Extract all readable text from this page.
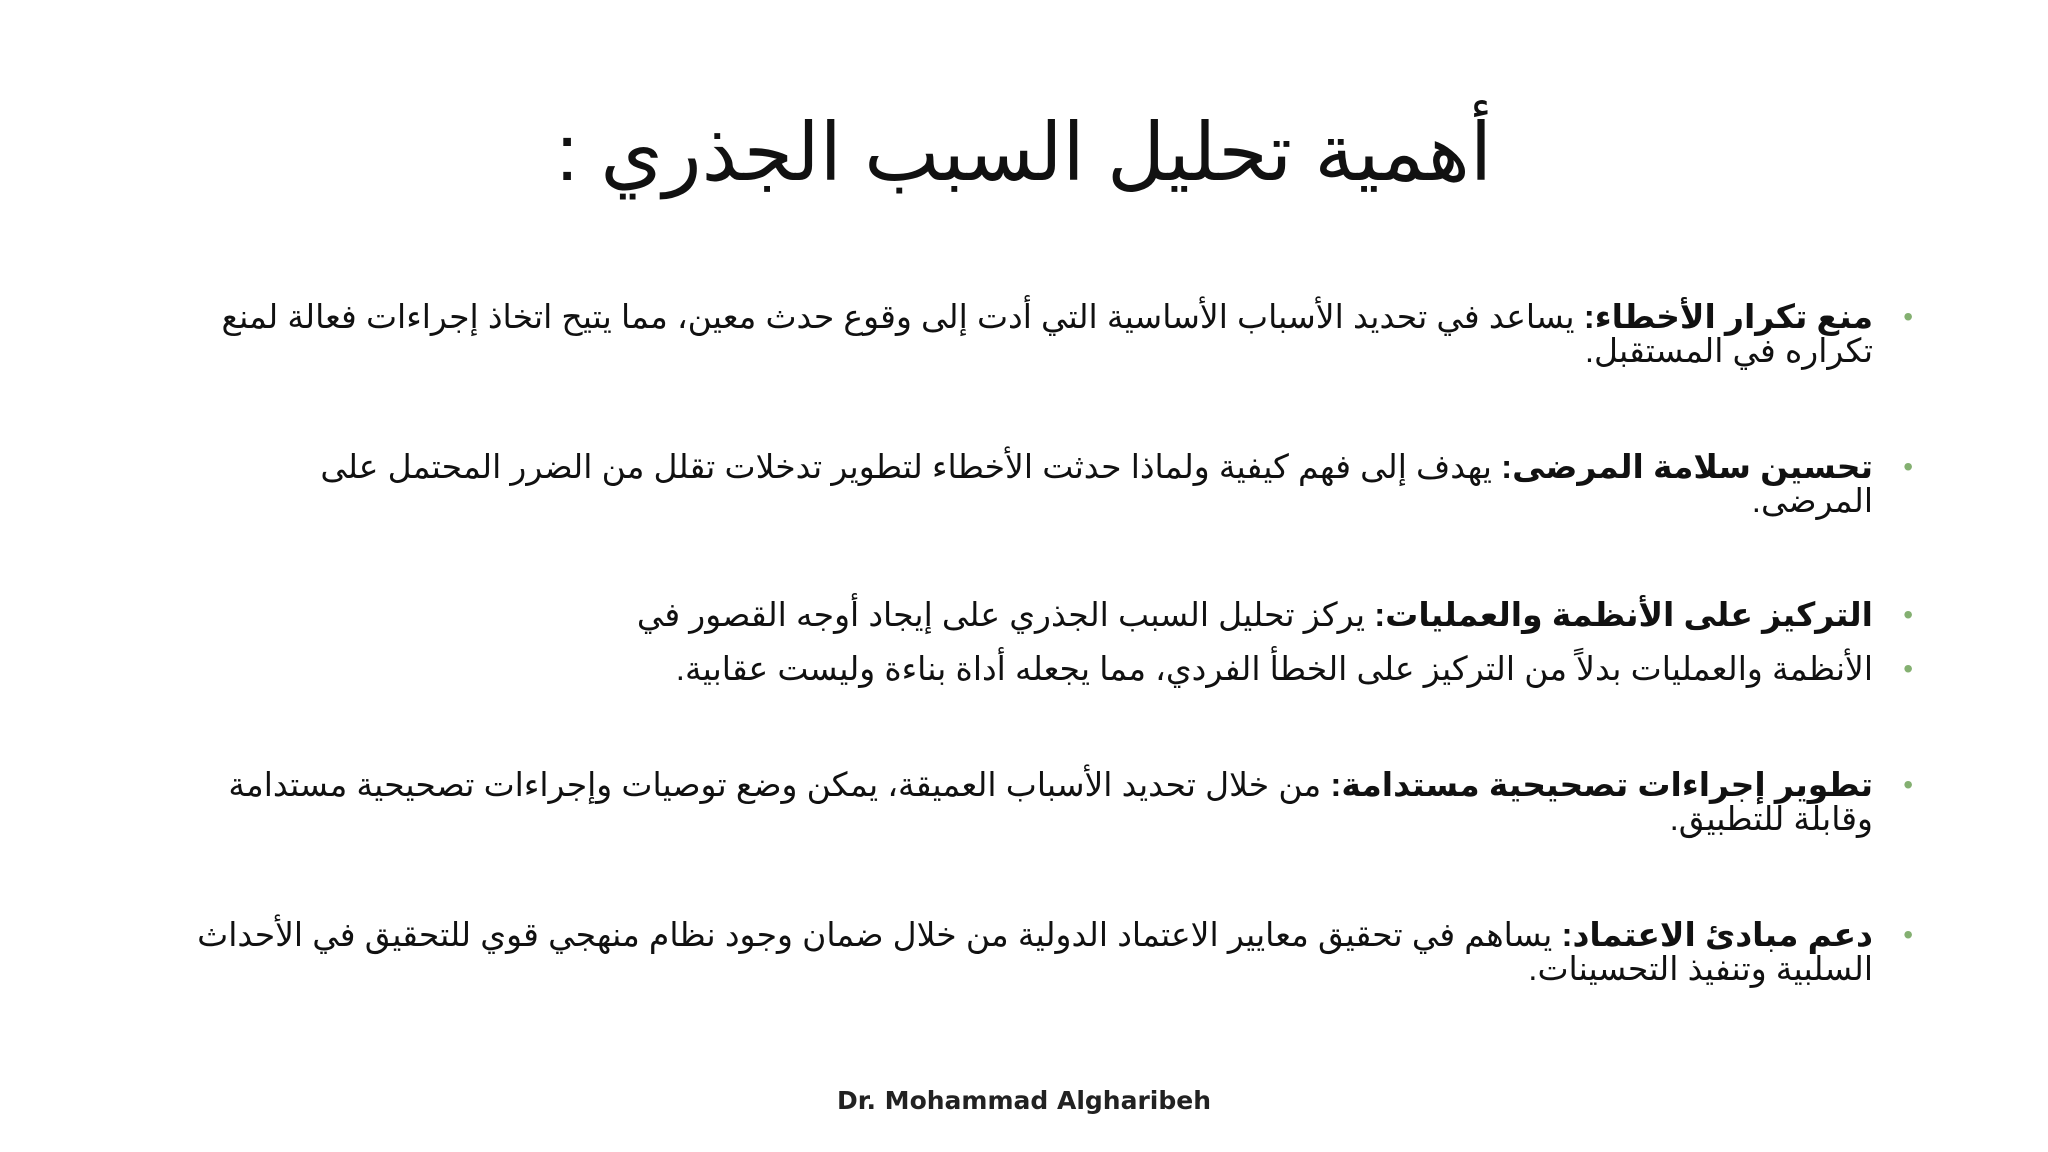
أهمية تحليل السبب الجذري :
•
منع تكرار الأخطاء: يساعد في تحديد الأسباب الأساسية التي أدت إلى وقوع حدث معين، مما يتيح اتخاذ إجراءات فعالة لمنع تكراره في المستقبل.
•
تحسين سلامة المرضى: يهدف إلى فهم كيفية ولماذا حدثت الأخطاء لتطوير تدخلات تقلل من الضرر المحتمل على المرضى.
•
التركيز على الأنظمة والعمليات: يركز تحليل السبب الجذري على إيجاد أوجه القصور في
•
الأنظمة والعمليات بدلاً من التركيز على الخطأ الفردي، مما يجعله أداة بناءة وليست عقابية.
•
تطوير إجراءات تصحيحية مستدامة: من خلال تحديد الأسباب العميقة، يمكن وضع توصيات وإجراءات تصحيحية مستدامة وقابلة للتطبيق.
•
دعم مبادئ الاعتماد: يساهم في تحقيق معايير الاعتماد الدولية من خلال ضمان وجود نظام منهجي قوي للتحقيق في الأحداث السلبية وتنفيذ التحسينات.
Dr. Mohammad Algharibeh
